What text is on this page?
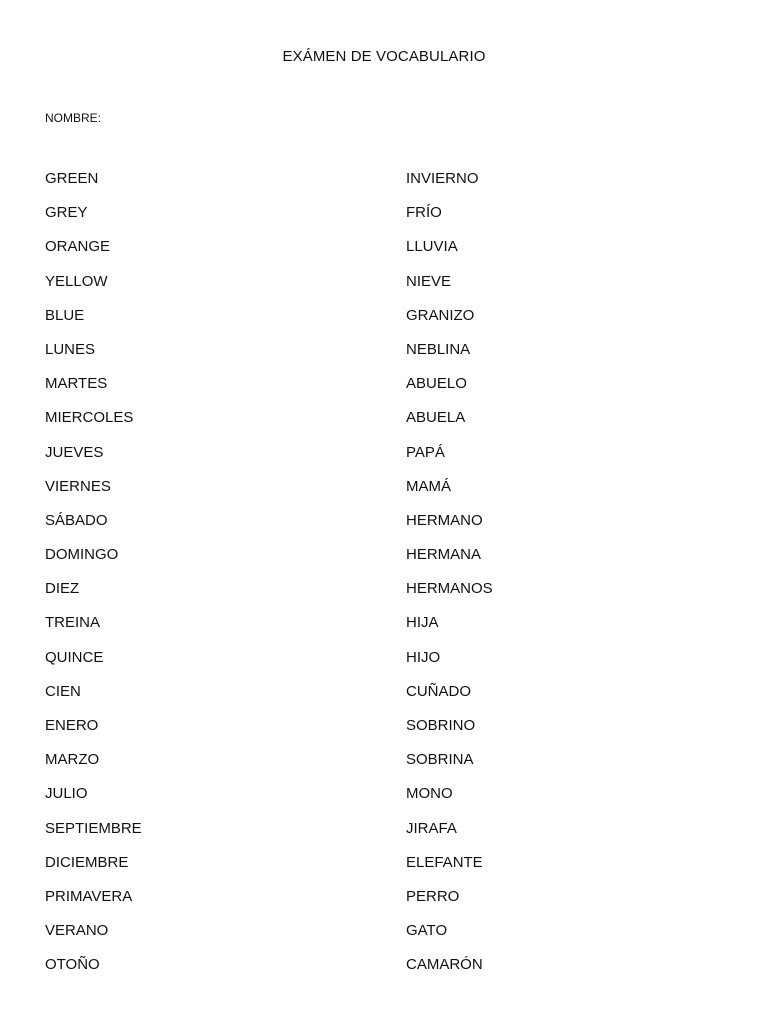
EXÁMEN DE VOCABULARIO
NOMBRE:
GREEN
GREY
ORANGE
YELLOW
BLUE
LUNES
MARTES
MIERCOLES
JUEVES
VIERNES
SÁBADO
DOMINGO
DIEZ
TREINA
QUINCE
CIEN
ENERO
MARZO
JULIO
SEPTIEMBRE
DICIEMBRE
PRIMAVERA
VERANO
OTOÑO
INVIERNO
FRÍO
LLUVIA
NIEVE
GRANIZO
NEBLINA
ABUELO
ABUELA
PAPÁ
MAMÁ
HERMANO
HERMANA
HERMANOS
HIJA
HIJO
CUÑADO
SOBRINO
SOBRINA
MONO
JIRAFA
ELEFANTE
PERRO
GATO
CAMARÓN
